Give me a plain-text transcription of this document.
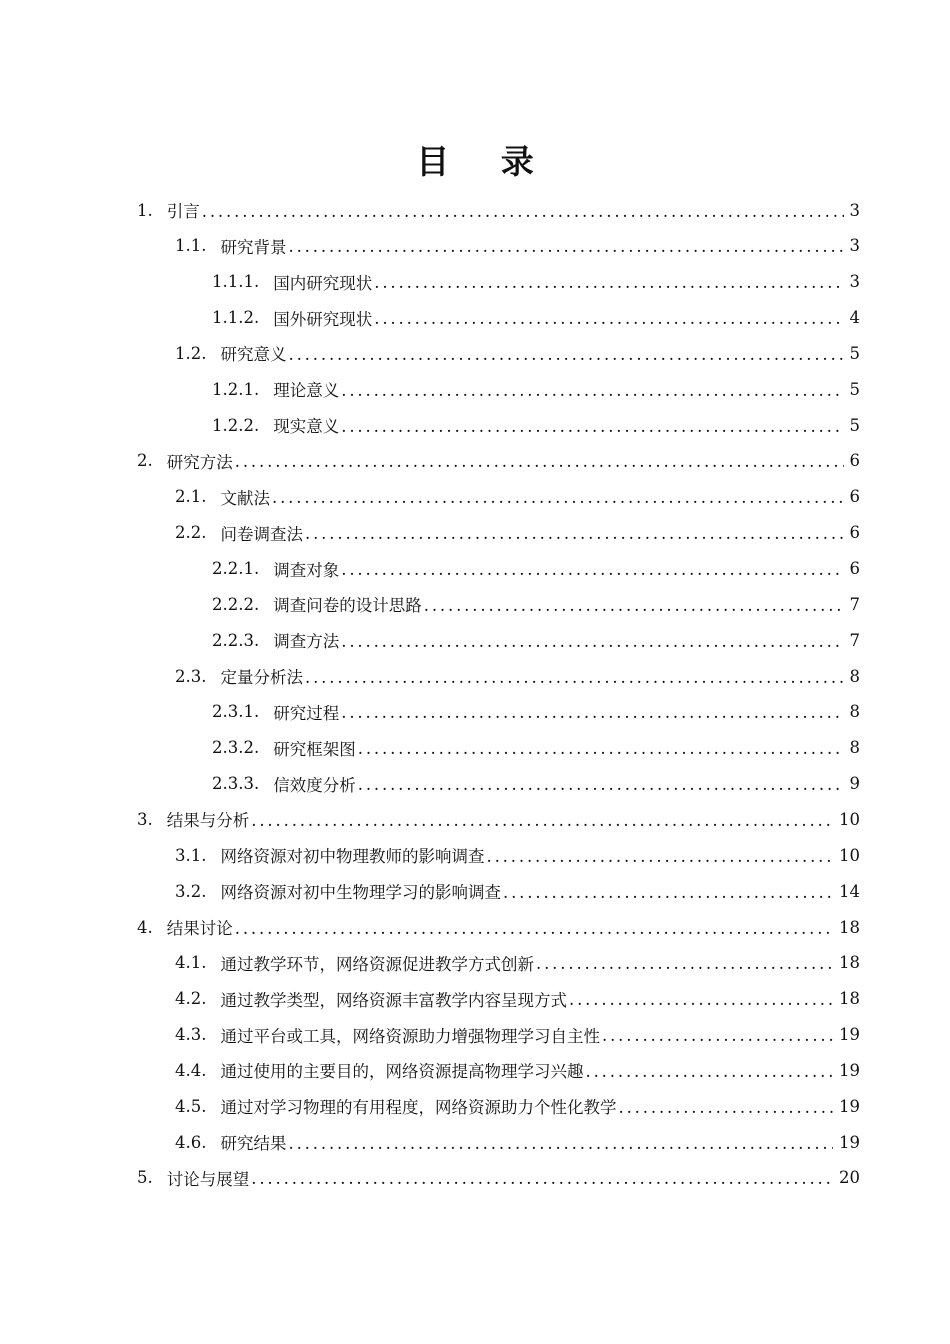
目 录
1. 引言 . . .	3
1.1. 研究背景 . . .	3
1.1.1. 国内研究现状 . . .	3
1.1.2. 国外研究现状 . . .	4
1.2. 研究意义 . . .	5
1.2.1. 理论意义 . . .	5
1.2.2. 现实意义 . . .	5
2. 研究方法 . . .	6
2.1. 文献法 . . .	6
2.2. 问卷调查法 . . .	6
2.2.1. 调查对象 . . .	6
2.2.2. 调查问卷的设计思路 . . .	7
2.2.3. 调查方法 . . .	7
2.3. 定量分析法 . . .	8
2.3.1. 研究过程 . . .	8
2.3.2. 研究框架图 . . .	8
2.3.3. 信效度分析 . . .	9
3. 结果与分析 . . .	10
3.1. 网络资源对初中物理教师的影响调查 . . .	10
3.2. 网络资源对初中生物理学习的影响调查 . . .	14
4. 结果讨论 . . .	18
4.1. 通过教学环节，网络资源促进教学方式创新 . . .	18
4.2. 通过教学类型，网络资源丰富教学内容呈现方式 . . .	18
4.3. 通过平台或工具，网络资源助力增强物理学习自主性 . . .	19
4.4. 通过使用的主要目的，网络资源提高物理学习兴趣 . . .	19
4.5. 通过对学习物理的有用程度，网络资源助力个性化教学 . . .	19
4.6. 研究结果 . . .	19
5. 讨论与展望 . . .	20
